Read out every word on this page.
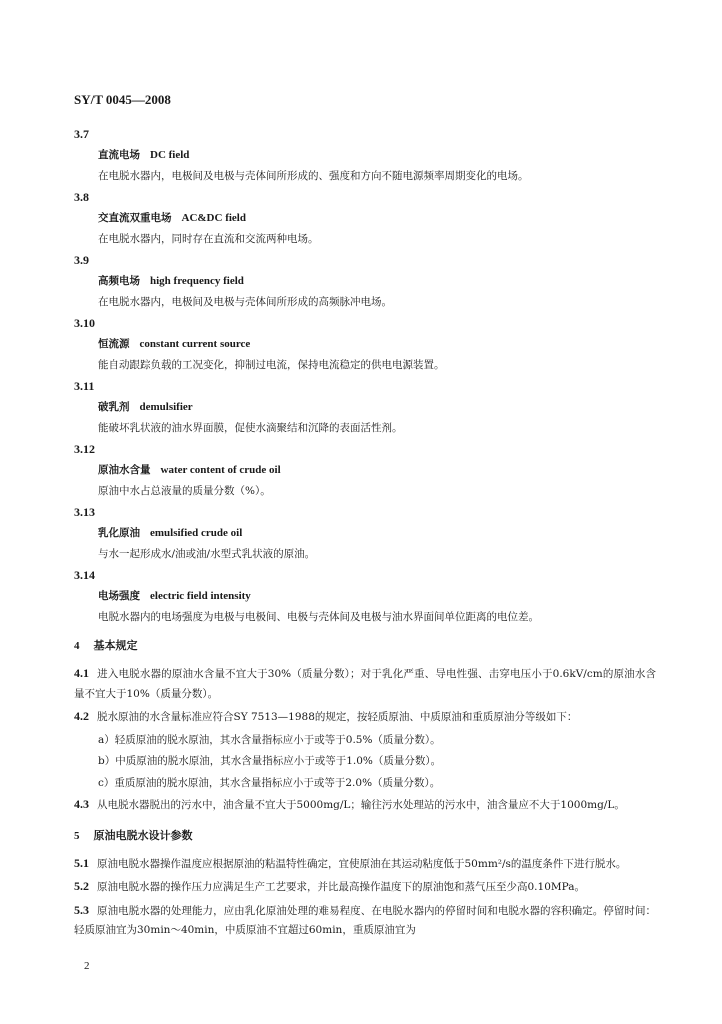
SY/T 0045—2008
3.7
直流电场 DC field
在电脱水器内，电极间及电极与壳体间所形成的、强度和方向不随电源频率周期变化的电场。
3.8
交直流双重电场 AC&DC field
在电脱水器内，同时存在直流和交流两种电场。
3.9
高频电场 high frequency field
在电脱水器内，电极间及电极与壳体间所形成的高频脉冲电场。
3.10
恒流源 constant current source
能自动跟踪负载的工况变化，抑制过电流，保持电流稳定的供电电源装置。
3.11
破乳剂 demulsifier
能破坏乳状液的油水界面膜，促使水滴聚结和沉降的表面活性剂。
3.12
原油水含量 water content of crude oil
原油中水占总液量的质量分数（%）。
3.13
乳化原油 emulsified crude oil
与水一起形成水/油或油/水型式乳状液的原油。
3.14
电场强度 electric field intensity
电脱水器内的电场强度为电极与电极间、电极与壳体间及电极与油水界面间单位距离的电位差。
4 基本规定
4.1 进入电脱水器的原油水含量不宜大于30%（质量分数）；对于乳化严重、导电性强、击穿电压小于0.6kV/cm的原油水含量不宜大于10%（质量分数）。
4.2 脱水原油的水含量标准应符合SY 7513—1988的规定，按轻质原油、中质原油和重质原油分等级如下：
a）轻质原油的脱水原油，其水含量指标应小于或等于0.5%（质量分数）。
b）中质原油的脱水原油，其水含量指标应小于或等于1.0%（质量分数）。
c）重质原油的脱水原油，其水含量指标应小于或等于2.0%（质量分数）。
4.3 从电脱水器脱出的污水中，油含量不宜大于5000mg/L；输往污水处理站的污水中，油含量应不大于1000mg/L。
5 原油电脱水设计参数
5.1 原油电脱水器操作温度应根据原油的粘温特性确定，宜使原油在其运动粘度低于50mm²/s的温度条件下进行脱水。
5.2 原油电脱水器的操作压力应满足生产工艺要求，并比最高操作温度下的原油饱和蒸气压至少高0.10MPa。
5.3 原油电脱水器的处理能力，应由乳化原油处理的难易程度、在电脱水器内的停留时间和电脱水器的容积确定。停留时间：轻质原油宜为30min～40min，中质原油不宜超过60min，重质原油宜为
2
